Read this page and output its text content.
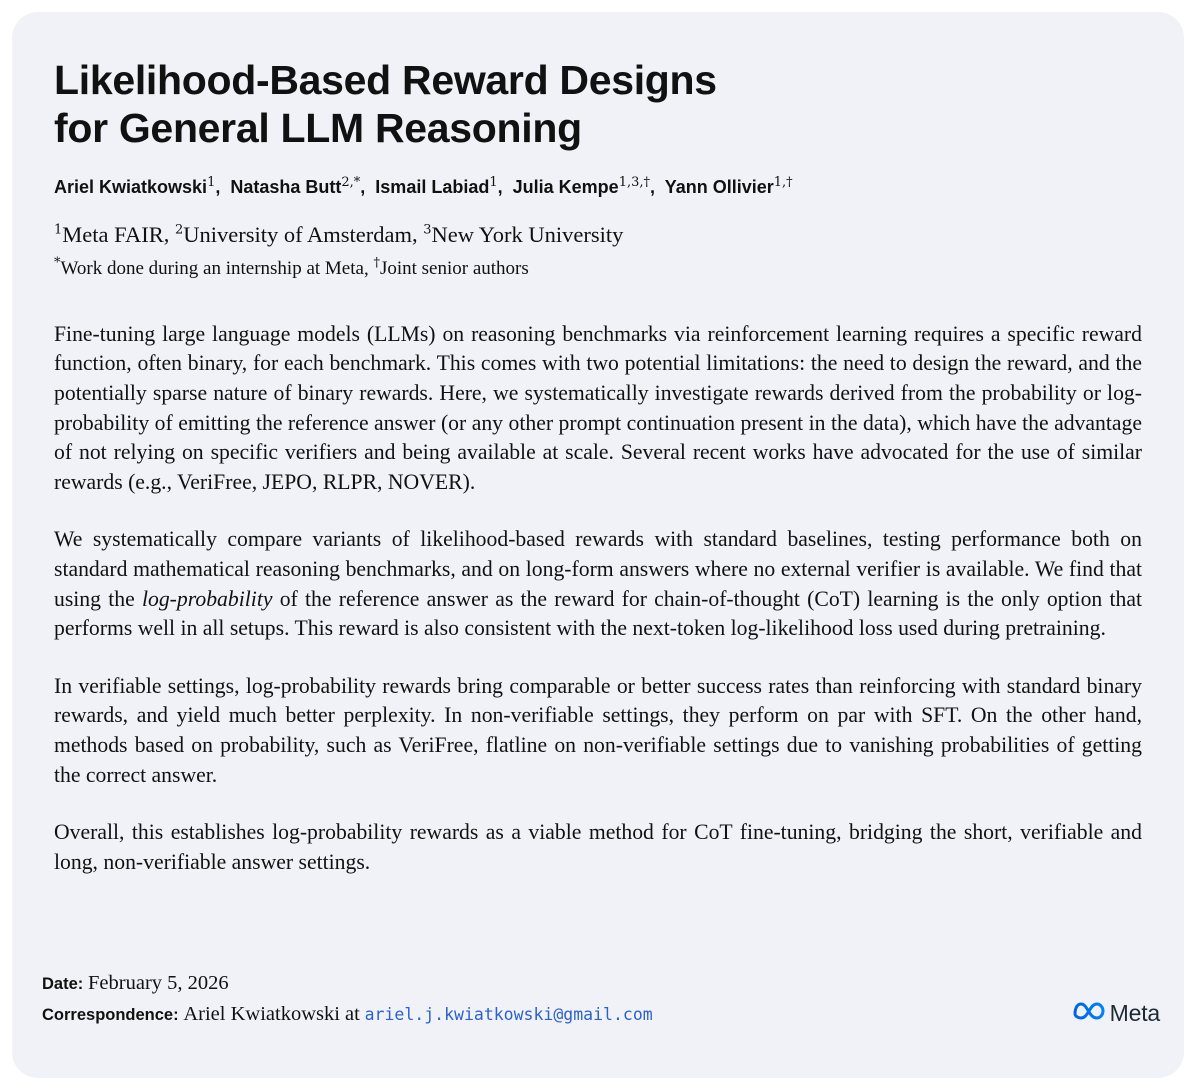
Likelihood-Based Reward Designs
for General LLM Reasoning
Ariel Kwiatkowski$^1$,  Natasha Butt$^{2,*}$,  Ismail Labiad$^1$,  Julia Kempe$^{1,3,\dagger}$,  Yann Ollivier$^{1,\dagger}$
$^1$Meta FAIR, $^2$University of Amsterdam, $^3$New York University
*Work done during an internship at Meta, †Joint senior authors

Fine-tuning large language models (LLMs) on reasoning benchmarks via reinforcement learning requires a specific reward function, often binary, for each benchmark. This comes with two potential limitations: the need to design the reward, and the potentially sparse nature of binary rewards. Here, we systematically investigate rewards derived from the probability or log-probability of emitting the reference answer (or any other prompt continuation present in the data), which have the advantage of not relying on specific verifiers and being available at scale. Several recent works have advocated for the use of similar rewards (e.g., VeriFree, JEPO, RLPR, NOVER).

We systematically compare variants of likelihood-based rewards with standard baselines, testing performance both on standard mathematical reasoning benchmarks, and on long-form answers where no external verifier is available. We find that using the log-probability of the reference answer as the reward for chain-of-thought (CoT) learning is the only option that performs well in all setups. This reward is also consistent with the next-token log-likelihood loss used during pretraining.

In verifiable settings, log-probability rewards bring comparable or better success rates than reinforcing with standard binary rewards, and yield much better perplexity. In non-verifiable settings, they perform on par with SFT. On the other hand, methods based on probability, such as VeriFree, flatline on non-verifiable settings due to vanishing probabilities of getting the correct answer.

Overall, this establishes log-probability rewards as a viable method for CoT fine-tuning, bridging the short, verifiable and long, non-verifiable answer settings.

Date: February 5, 2026
Correspondence: Ariel Kwiatkowski at ariel.j.kwiatkowski@gmail.com	Meta
